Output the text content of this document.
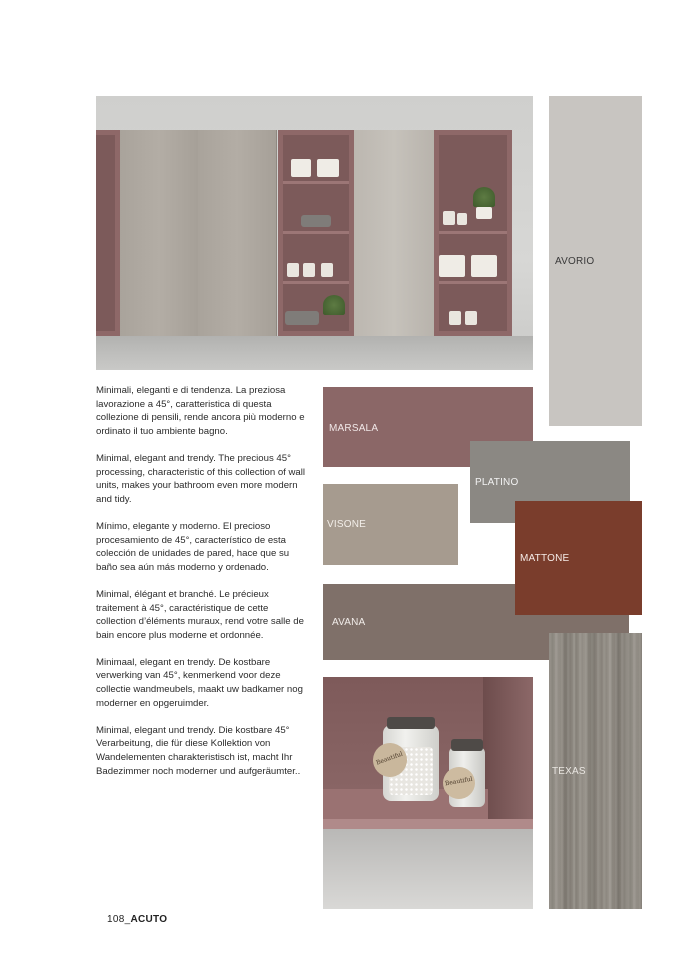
AVORIO
MARSALA
PLATINO
VISONE
AVANA
MATTONE
TEXAS

Minimali, eleganti e di tendenza. La preziosa lavorazione a 45°, caratteristica di questa collezione di pensili, rende ancora più moderno e ordinato il tuo ambiente bagno.

Minimal, elegant and trendy. The precious 45° processing, characteristic of this collection of wall units, makes your bathroom even more modern and tidy.

Mínimo, elegante y moderno. El precioso procesamiento de 45°, característico de esta colección de unidades de pared, hace que su baño sea aún más moderno y ordenado.

Minimal, élégant et branché. Le précieux traitement à 45°, caractéristique de cette collection d’éléments muraux, rend votre salle de bain encore plus moderne et ordonnée.

Minimaal, elegant en trendy. De kostbare verwerking van 45°, kenmerkend voor deze collectie wandmeubels, maakt uw badkamer nog moderner en opgeruimder.

Minimal, elegant und trendy. Die kostbare 45° Verarbeitung, die für diese Kollektion von Wandelementen charakteristisch ist, macht Ihr Badezimmer noch moderner und aufgeräumter..

Beautiful
Beautiful
108_ACUTO
